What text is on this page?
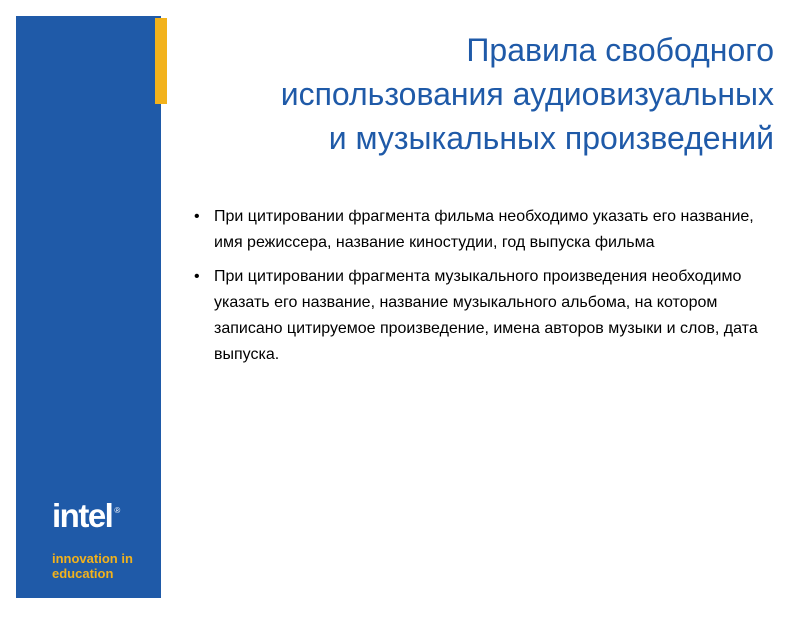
intel ®
innovation in
education
Правила свободного
использования аудиовизуальных
и музыкальных произведений
• При цитировании фрагмента фильма необходимо указать его название, имя режиссера, название киностудии, год выпуска фильма
• При цитировании фрагмента музыкального произведения необходимо указать его название, название музыкального альбома, на котором записано цитируемое произведение, имена авторов музыки и слов, дата выпуска.
